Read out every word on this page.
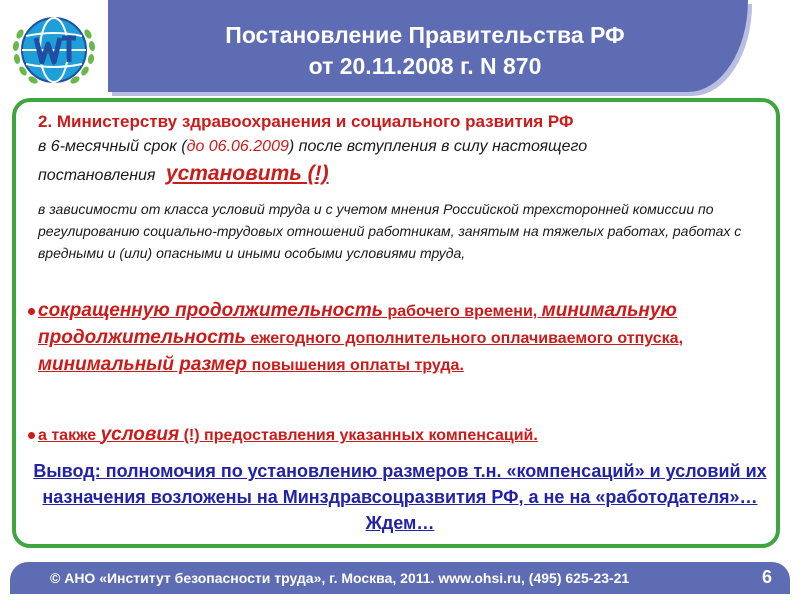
Постановление Правительства РФ
от 20.11.2008 г. N 870
2. Министерству здравоохранения и социального развития РФ
в 6-месячный срок (до 06.06.2009) после вступления в силу настоящего
постановления установить (!)
в зависимости от класса условий труда и с учетом мнения Российской трехсторонней комиссии по регулированию социально-трудовых отношений работникам, занятым на тяжелых работах, работах с вредными и (или) опасными и иными особыми условиями труда,
сокращенную продолжительность рабочего времени, минимальную продолжительность ежегодного дополнительного оплачиваемого отпуска, минимальный размер повышения оплаты труда.
а также условия (!) предоставления указанных компенсаций.
Вывод: полномочия по установлению размеров т.н. «компенсаций» и условий их назначения возложены на Минздравсоцразвития РФ, а не на «работодателя»…Ждем…
© АНО «Институт безопасности труда», г. Москва, 2011. www.ohsi.ru, (495) 625-23-21	6
